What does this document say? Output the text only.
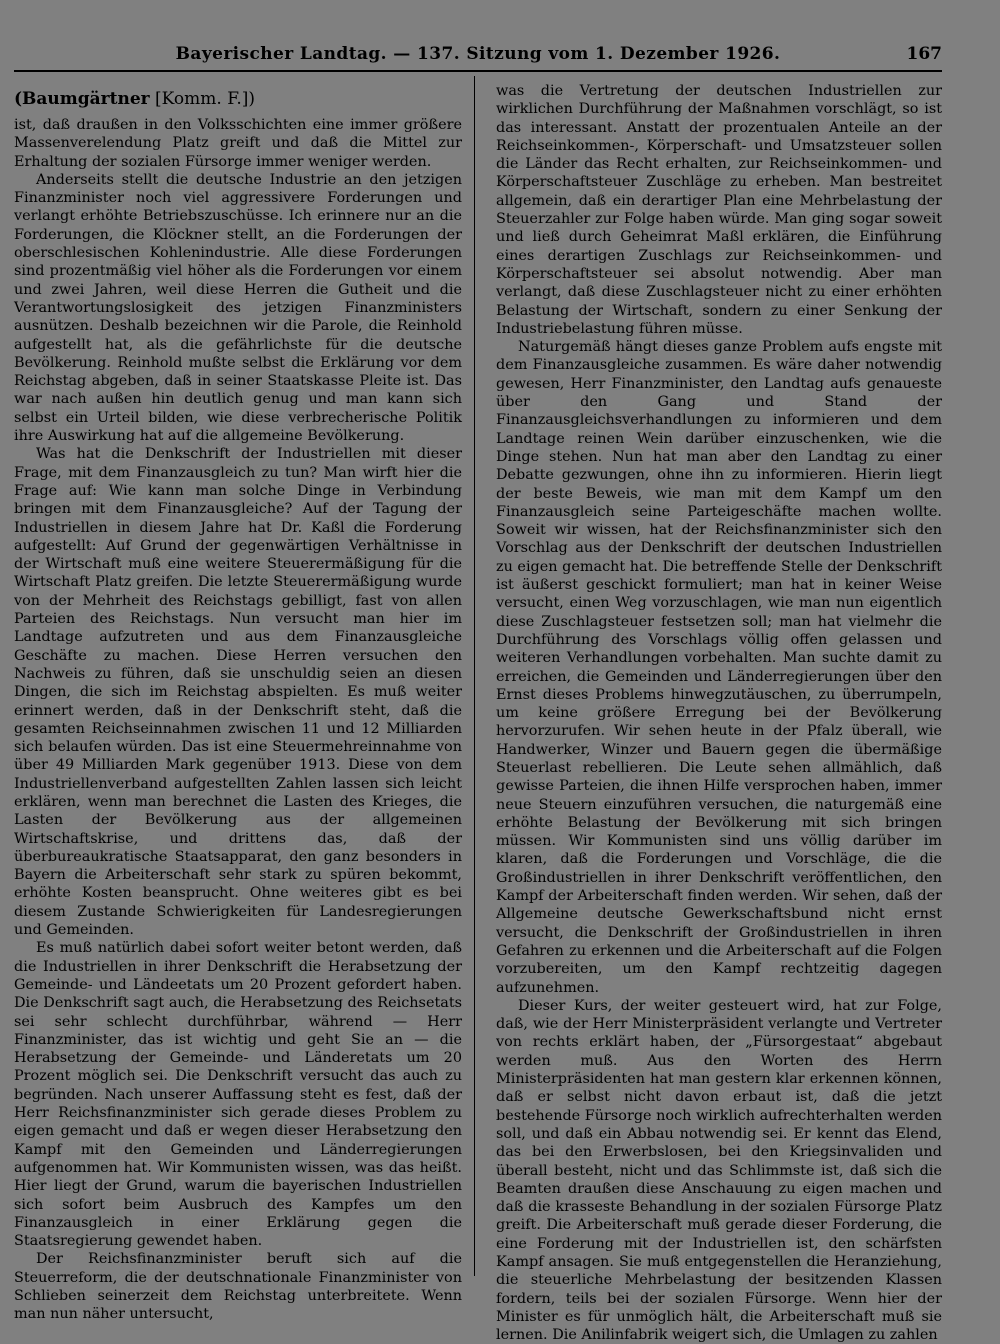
Bayerischer Landtag. — 137. Sitzung vom 1. Dezember 1926.	167
(Baumgärtner [Komm. F.])

ist, daß draußen in den Volksschichten eine immer größere Massenverelendung Platz greift und daß die Mittel zur Erhaltung der sozialen Fürsorge immer weniger werden.

Anderseits stellt die deutsche Industrie an den jetzigen Finanzminister noch viel aggressivere Forderungen und verlangt erhöhte Betriebszuschüsse. Ich erinnere nur an die Forderungen, die Klöckner stellt, an die Forderungen der oberschlesischen Kohlenindustrie. Alle diese Forderungen sind prozentmäßig viel höher als die Forderungen vor einem und zwei Jahren, weil diese Herren die Gutheit und die Verantwortungslosigkeit des jetzigen Finanzministers ausnützen. Deshalb bezeichnen wir die Parole, die Reinhold aufgestellt hat, als die gefährlichste für die deutsche Bevölkerung. Reinhold mußte selbst die Erklärung vor dem Reichstag abgeben, daß in seiner Staatskasse Pleite ist. Das war nach außen hin deutlich genug und man kann sich selbst ein Urteil bilden, wie diese verbrecherische Politik ihre Auswirkung hat auf die allgemeine Bevölkerung.

Was hat die Denkschrift der Industriellen mit dieser Frage, mit dem Finanzausgleich zu tun? Man wirft hier die Frage auf: Wie kann man solche Dinge in Verbindung bringen mit dem Finanzausgleiche? Auf der Tagung der Industriellen in diesem Jahre hat Dr. Kaßl die Forderung aufgestellt: Auf Grund der gegenwärtigen Verhältnisse in der Wirtschaft muß eine weitere Steuerermäßigung für die Wirtschaft Platz greifen. Die letzte Steuerermäßigung wurde von der Mehrheit des Reichstags gebilligt, fast von allen Parteien des Reichstags. Nun versucht man hier im Landtage aufzutreten und aus dem Finanzausgleiche Geschäfte zu machen. Diese Herren versuchen den Nachweis zu führen, daß sie unschuldig seien an diesen Dingen, die sich im Reichstag abspielten. Es muß weiter erinnert werden, daß in der Denkschrift steht, daß die gesamten Reichseinnahmen zwischen 11 und 12 Milliarden sich belaufen würden. Das ist eine Steuermehreinnahme von über 49 Milliarden Mark gegenüber 1913. Diese von dem Industriellenverband aufgestellten Zahlen lassen sich leicht erklären, wenn man berechnet die Lasten des Krieges, die Lasten der Bevölkerung aus der allgemeinen Wirtschaftskrise, und drittens das, daß der überbureaukratische Staatsapparat, den ganz besonders in Bayern die Arbeiterschaft sehr stark zu spüren bekommt, erhöhte Kosten beansprucht. Ohne weiteres gibt es bei diesem Zustande Schwierigkeiten für Landesregierungen und Gemeinden.

Es muß natürlich dabei sofort weiter betont werden, daß die Industriellen in ihrer Denkschrift die Herabsetzung der Gemeinde- und Ländeetats um 20 Prozent gefordert haben. Die Denkschrift sagt auch, die Herabsetzung des Reichsetats sei sehr schlecht durchführbar, während — Herr Finanzminister, das ist wichtig und geht Sie an — die Herabsetzung der Gemeinde- und Länderetats um 20 Prozent möglich sei. Die Denkschrift versucht das auch zu begründen. Nach unserer Auffassung steht es fest, daß der Herr Reichsfinanzminister sich gerade dieses Problem zu eigen gemacht und daß er wegen dieser Herabsetzung den Kampf mit den Gemeinden und Länderregierungen aufgenommen hat. Wir Kommunisten wissen, was das heißt. Hier liegt der Grund, warum die bayerischen Industriellen sich sofort beim Ausbruch des Kampfes um den Finanzausgleich in einer Erklärung gegen die Staatsregierung gewendet haben.

Der Reichsfinanzminister beruft sich auf die Steuerreform, die der deutschnationale Finanzminister von Schlieben seinerzeit dem Reichstag unterbreitete. Wenn man nun näher untersucht,

was die Vertretung der deutschen Industriellen zur wirklichen Durchführung der Maßnahmen vorschlägt, so ist das interessant. Anstatt der prozentualen Anteile an der Reichseinkommen-, Körperschaft- und Umsatzsteuer sollen die Länder das Recht erhalten, zur Reichseinkommen- und Körperschaftsteuer Zuschläge zu erheben. Man bestreitet allgemein, daß ein derartiger Plan eine Mehrbelastung der Steuerzahler zur Folge haben würde. Man ging sogar soweit und ließ durch Geheimrat Maßl erklären, die Einführung eines derartigen Zuschlags zur Reichseinkommen- und Körperschaftsteuer sei absolut notwendig. Aber man verlangt, daß diese Zuschlagsteuer nicht zu einer erhöhten Belastung der Wirtschaft, sondern zu einer Senkung der Industriebelastung führen müsse.

Naturgemäß hängt dieses ganze Problem aufs engste mit dem Finanzausgleiche zusammen. Es wäre daher notwendig gewesen, Herr Finanzminister, den Landtag aufs genaueste über den Gang und Stand der Finanzausgleichsverhandlungen zu informieren und dem Landtage reinen Wein darüber einzuschenken, wie die Dinge stehen. Nun hat man aber den Landtag zu einer Debatte gezwungen, ohne ihn zu informieren. Hierin liegt der beste Beweis, wie man mit dem Kampf um den Finanzausgleich seine Parteigeschäfte machen wollte. Soweit wir wissen, hat der Reichsfinanzminister sich den Vorschlag aus der Denkschrift der deutschen Industriellen zu eigen gemacht hat. Die betreffende Stelle der Denkschrift ist äußerst geschickt formuliert; man hat in keiner Weise versucht, einen Weg vorzuschlagen, wie man nun eigentlich diese Zuschlagsteuer festsetzen soll; man hat vielmehr die Durchführung des Vorschlags völlig offen gelassen und weiteren Verhandlungen vorbehalten. Man suchte damit zu erreichen, die Gemeinden und Länderregierungen über den Ernst dieses Problems hinwegzutäuschen, zu überrumpeln, um keine größere Erregung bei der Bevölkerung hervorzurufen. Wir sehen heute in der Pfalz überall, wie Handwerker, Winzer und Bauern gegen die übermäßige Steuerlast rebellieren. Die Leute sehen allmählich, daß gewisse Parteien, die ihnen Hilfe versprochen haben, immer neue Steuern einzuführen versuchen, die naturgemäß eine erhöhte Belastung der Bevölkerung mit sich bringen müssen. Wir Kommunisten sind uns völlig darüber im klaren, daß die Forderungen und Vorschläge, die die Großindustriellen in ihrer Denkschrift veröffentlichen, den Kampf der Arbeiterschaft finden werden. Wir sehen, daß der Allgemeine deutsche Gewerkschaftsbund nicht ernst versucht, die Denkschrift der Großindustriellen in ihren Gefahren zu erkennen und die Arbeiterschaft auf die Folgen vorzubereiten, um den Kampf rechtzeitig dagegen aufzunehmen.

Dieser Kurs, der weiter gesteuert wird, hat zur Folge, daß, wie der Herr Ministerpräsident verlangte und Vertreter von rechts erklärt haben, der „Fürsorgestaat“ abgebaut werden muß. Aus den Worten des Herrn Ministerpräsidenten hat man gestern klar erkennen können, daß er selbst nicht davon erbaut ist, daß die jetzt bestehende Fürsorge noch wirklich aufrechterhalten werden soll, und daß ein Abbau notwendig sei. Er kennt das Elend, das bei den Erwerbslosen, bei den Kriegsinvaliden und überall besteht, nicht und das Schlimmste ist, daß sich die Beamten draußen diese Anschauung zu eigen machen und daß die krasseste Behandlung in der sozialen Fürsorge Platz greift. Die Arbeiterschaft muß gerade dieser Forderung, die eine Forderung mit der Industriellen ist, den schärfsten Kampf ansagen. Sie muß entgegenstellen die Heranziehung, die steuerliche Mehrbelastung der besitzenden Klassen fordern, teils bei der sozialen Fürsorge. Wenn hier der Minister es für unmöglich hält, die Arbeiterschaft muß sie lernen. Die Anilinfabrik weigert sich, die Umlagen zu zahlen
